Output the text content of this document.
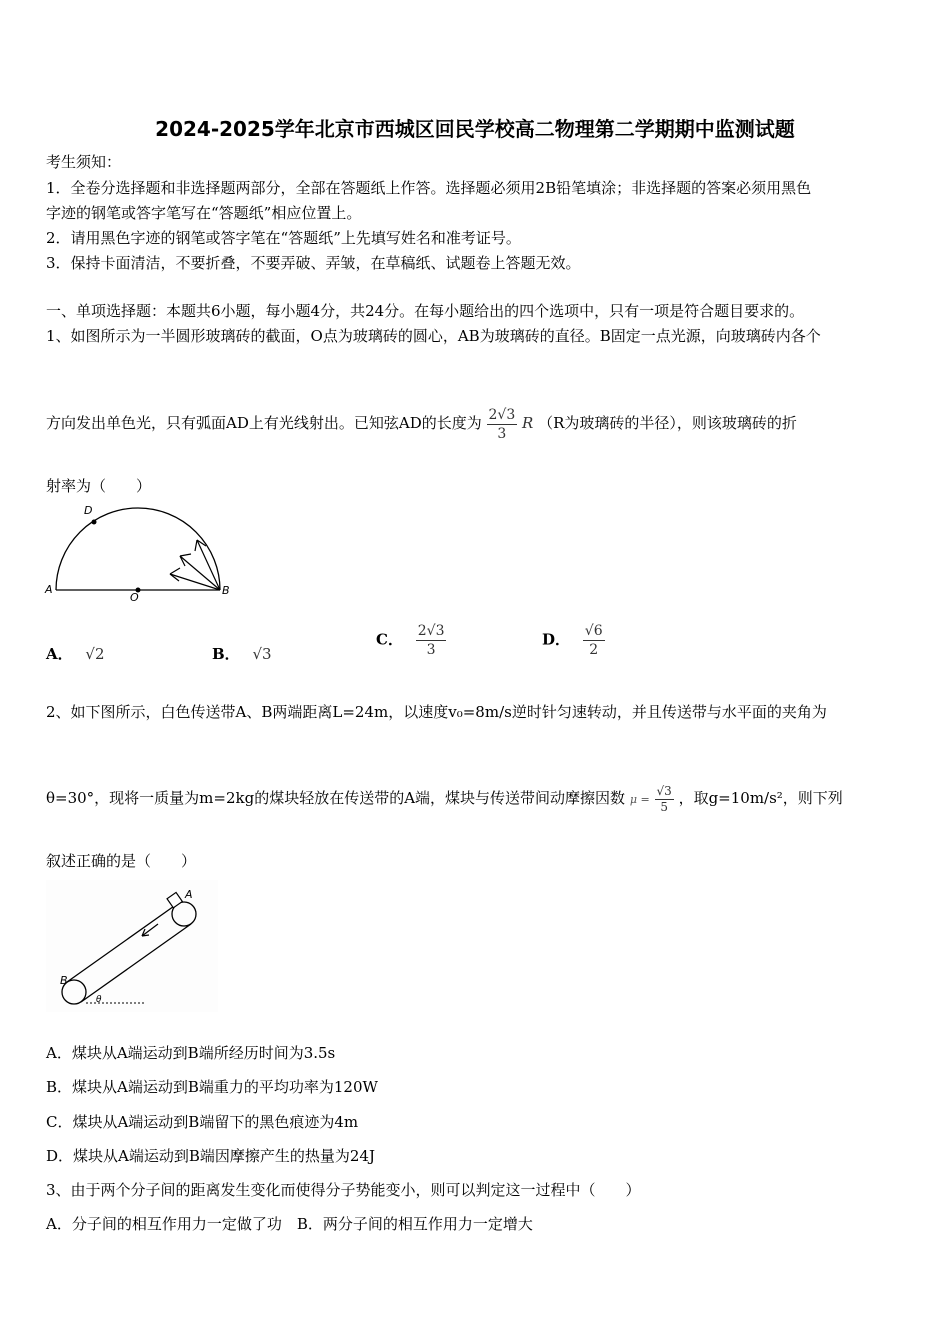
2024-2025学年北京市西城区回民学校高二物理第二学期期中监测试题
考生须知：
1．全卷分选择题和非选择题两部分，全部在答题纸上作答。选择题必须用2B铅笔填涂；非选择题的答案必须用黑色
字迹的钢笔或答字笔写在“答题纸”相应位置上。
2．请用黑色字迹的钢笔或答字笔在“答题纸”上先填写姓名和准考证号。
3．保持卡面清洁，不要折叠，不要弄破、弄皱，在草稿纸、试题卷上答题无效。
一、单项选择题：本题共6小题，每小题4分，共24分。在每小题给出的四个选项中，只有一项是符合题目要求的。
1、如图所示为一半圆形玻璃砖的截面，O点为玻璃砖的圆心，AB为玻璃砖的直径。B固定一点光源，向玻璃砖内各个
方向发出单色光，只有弧面AD上有光线射出。已知弦AD的长度为 $\frac{2√3}{3}$ R （R为玻璃砖的半径），则该玻璃砖的折
射率为（　　）
A	B
O
D
A． √2	B． √3
C． $\frac{2√3}{3}$	D． $\frac{√6}{2}$
2、如下图所示，白色传送带A、B两端距离L=24m，以速度v₀=8m/s逆时针匀速转动，并且传送带与水平面的夹角为
θ=30°，现将一质量为m=2kg的煤块轻放在传送带的A端，煤块与传送带间动摩擦因数 $\mu = \frac{√3}{5}$ ，取g=10m/s²，则下列
叙述正确的是（　　）
A
B
θ
A．煤块从A端运动到B端所经历时间为3.5s
B．煤块从A端运动到B端重力的平均功率为120W
C．煤块从A端运动到B端留下的黑色痕迹为4m
D．煤块从A端运动到B端因摩擦产生的热量为24J
3、由于两个分子间的距离发生变化而使得分子势能变小，则可以判定这一过程中（　　）
A．分子间的相互作用力一定做了功　B．两分子间的相互作用力一定增大
